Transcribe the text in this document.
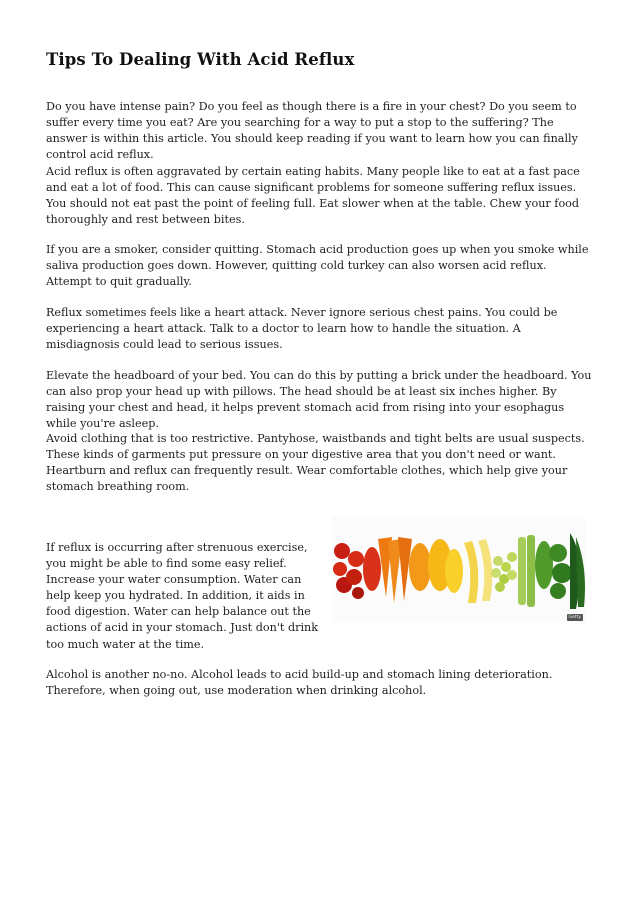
Tips To Dealing With Acid Reflux

Do you have intense pain? Do you feel as though there is a fire in your chest? Do you seem to suffer every time you eat? Are you searching for a way to put a stop to the suffering? The answer is within this article. You should keep reading if you want to learn how you can finally control acid reflux.

Acid reflux is often aggravated by certain eating habits. Many people like to eat at a fast pace and eat a lot of food. This can cause significant problems for someone suffering reflux issues. You should not eat past the point of feeling full. Eat slower when at the table. Chew your food thoroughly and rest between bites.

If you are a smoker, consider quitting. Stomach acid production goes up when you smoke while saliva production goes down. However, quitting cold turkey can also worsen acid reflux. Attempt to quit gradually.

Reflux sometimes feels like a heart attack. Never ignore serious chest pains. You could be experiencing a heart attack. Talk to a doctor to learn how to handle the situation. A misdiagnosis could lead to serious issues.

Elevate the headboard of your bed. You can do this by putting a brick under the headboard. You can also prop your head up with pillows. The head should be at least six inches higher. By raising your chest and head, it helps prevent stomach acid from rising into your esophagus while you're asleep.

Avoid clothing that is too restrictive. Pantyhose, waistbands and tight belts are usual suspects. These kinds of garments put pressure on your digestive area that you don't need or want. Heartburn and reflux can frequently result. Wear comfortable clothes, which help give your stomach breathing room.

Getty

If reflux is occurring after strenuous exercise, you might be able to find some easy relief. Increase your water consumption. Water can help keep you hydrated. In addition, it aids in food digestion. Water can help balance out the actions of acid in your stomach. Just don't drink too much water at the time.

Alcohol is another no-no. Alcohol leads to acid build-up and stomach lining deterioration. Therefore, when going out, use moderation when drinking alcohol.
